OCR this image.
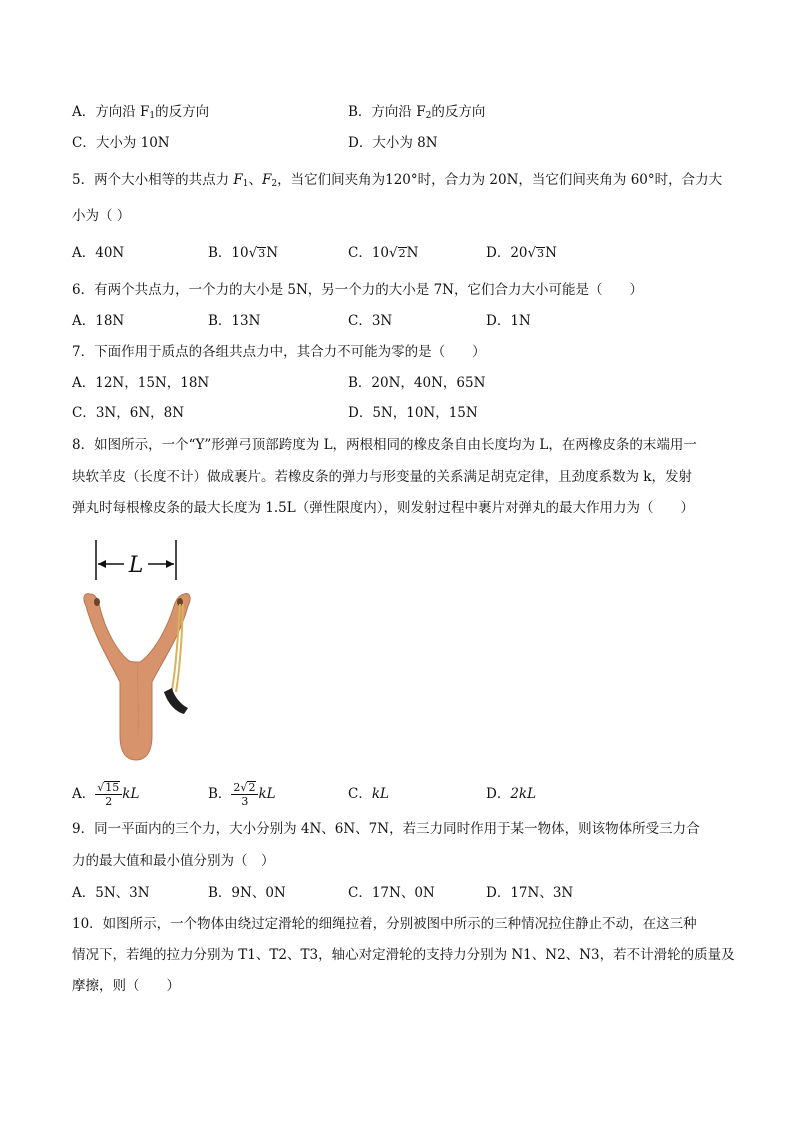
A．方向沿 $F_1$的反方向	B．方向沿 $F_2$的反方向
C．大小为 10N	D．大小为 8N
5．两个大小相等的共点力 $F_1$、$F_2$，当它们间夹角为120°时，合力为 20N，当它们间夹角为 60°时，合力大
小为（ ）
A．40N	B．10√3N	C．10√2N	D．20√3N
6．有两个共点力，一个力的大小是 5N，另一个力的大小是 7N，它们合力大小可能是（　　）
A．18N	B．13N	C．3N	D．1N
7．下面作用于质点的各组共点力中，其合力不可能为零的是（　　）
A．12N，15N，18N	B．20N，40N，65N
C．3N，6N，8N	D．5N，10N，15N
8．如图所示，一个“Y”形弹弓顶部跨度为 L，两根相同的橡皮条自由长度均为 L，在两橡皮条的末端用一
块软羊皮（长度不计）做成裹片。若橡皮条的弹力与形变量的关系满足胡克定律，且劲度系数为 k，发射
弹丸时每根橡皮条的最大长度为 1.5L（弹性限度内），则发射过程中裹片对弹丸的最大作用力为（　　）
L
A． $\frac{√15}{2}$ kL	B． $\frac{2√2}{3}$ kL	C．kL	D．2kL
9．同一平面内的三个力，大小分别为 4N、6N、7N，若三力同时作用于某一物体，则该物体所受三力合
力的最大值和最小值分别为（　）
A．5N、3N	B．9N、0N	C．17N、0N	D．17N、3N
10．如图所示，一个物体由绕过定滑轮的细绳拉着，分别被图中所示的三种情况拉住静止不动，在这三种
情况下，若绳的拉力分别为 T1、T2、T3，轴心对定滑轮的支持力分别为 N1、N2、N3，若不计滑轮的质量及
摩擦，则（　　）
